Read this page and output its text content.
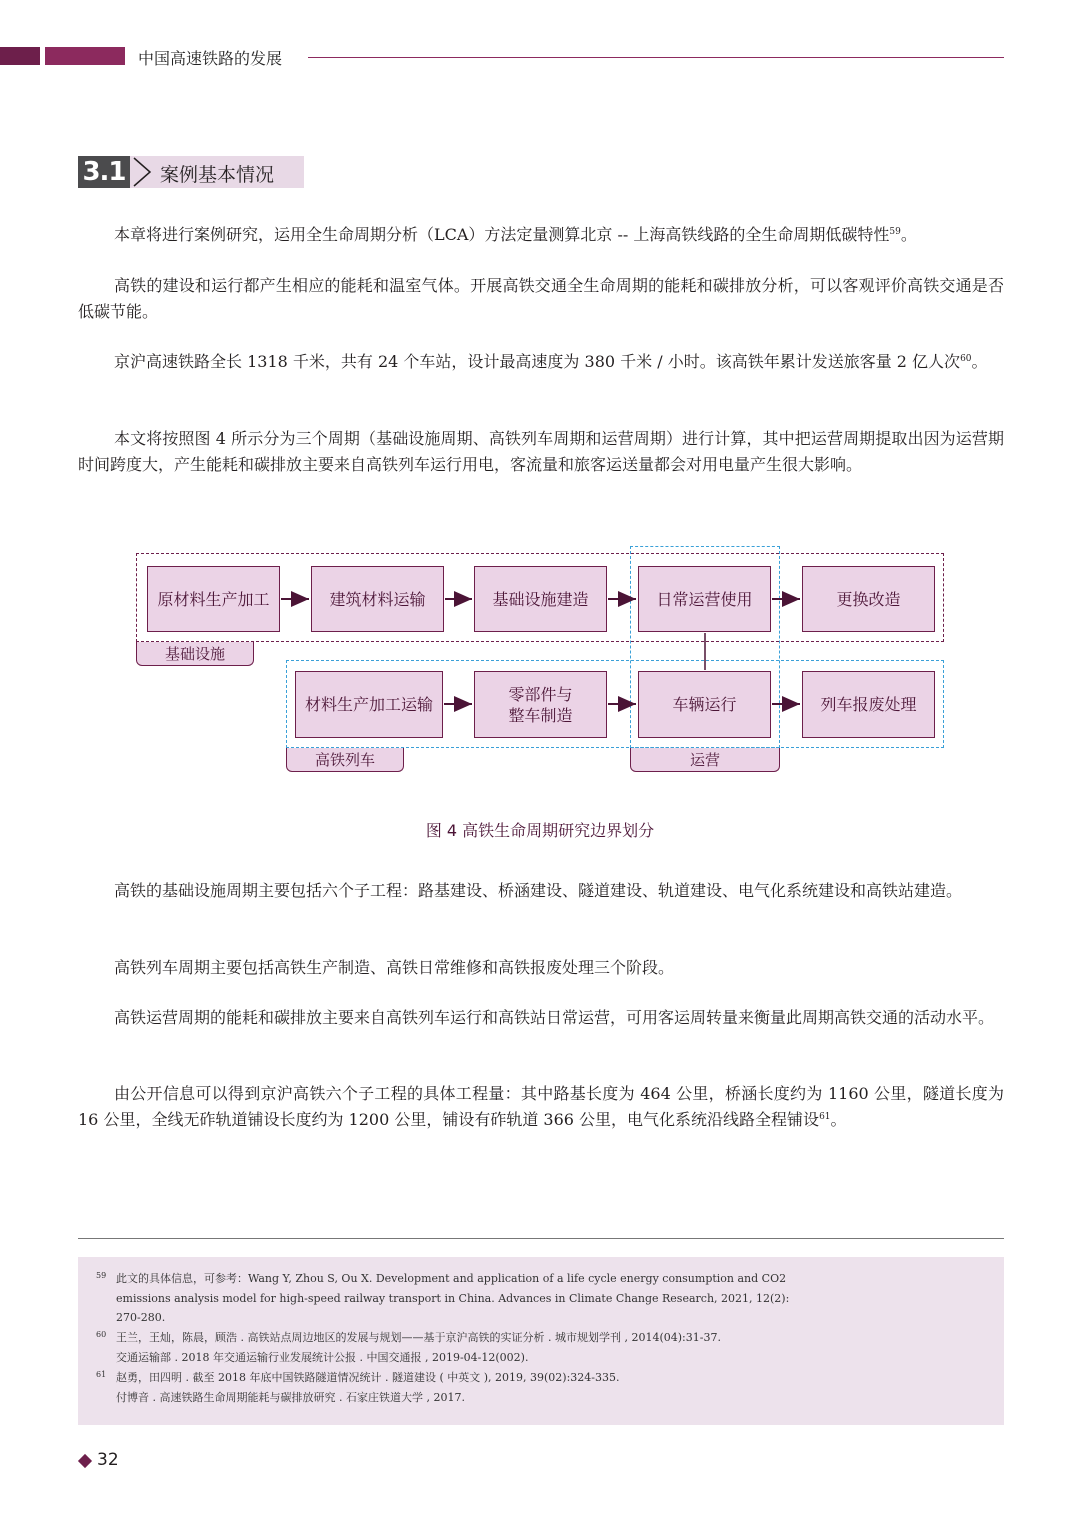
中国高速铁路的发展
3.1 案例基本情况
本章将进行案例研究，运用全生命周期分析（LCA）方法定量测算北京 -- 上海高铁线路的全生命周期低碳特性$^{59}$。
高铁的建设和运行都产生相应的能耗和温室气体。开展高铁交通全生命周期的能耗和碳排放分析，可以客观评价高铁交通是否低碳节能。
京沪高速铁路全长 1318 千米，共有 24 个车站，设计最高速度为 380 千米 / 小时。该高铁年累计发送旅客量 2 亿人次$^{60}$。
本文将按照图 4 所示分为三个周期（基础设施周期、高铁列车周期和运营周期）进行计算，其中把运营周期提取出因为运营期时间跨度大，产生能耗和碳排放主要来自高铁列车运行用电，客流量和旅客运送量都会对用电量产生很大影响。
原材料生产加工	建筑材料运输	基础设施建造	日常运营使用	更换改造
材料生产加工运输
零部件与
整车制造
车辆运行	列车报废处理
基础设施
高铁列车	运营
图 4 高铁生命周期研究边界划分
高铁的基础设施周期主要包括六个子工程：路基建设、桥涵建设、隧道建设、轨道建设、电气化系统建设和高铁站建造。
高铁列车周期主要包括高铁生产制造、高铁日常维修和高铁报废处理三个阶段。
高铁运营周期的能耗和碳排放主要来自高铁列车运行和高铁站日常运营，可用客运周转量来衡量此周期高铁交通的活动水平。
由公开信息可以得到京沪高铁六个子工程的具体工程量：其中路基长度为 464 公里，桥涵长度约为 1160 公里，隧道长度为 16 公里，全线无砟轨道铺设长度约为 1200 公里，铺设有砟轨道 366 公里，电气化系统沿线路全程铺设$^{61}$。
59 此文的具体信息，可参考：Wang Y, Zhou S, Ou X. Development and application of a life cycle energy consumption and CO2
emissions analysis model for high-speed railway transport in China. Advances in Climate Change Research, 2021, 12(2):
270-280.
60 王兰，王灿，陈晨，顾浩 . 高铁站点周边地区的发展与规划——基于京沪高铁的实证分析 . 城市规划学刊 , 2014(04):31-37.
交通运输部 . 2018 年交通运输行业发展统计公报 . 中国交通报 , 2019-04-12(002).
61 赵勇，田四明 . 截至 2018 年底中国铁路隧道情况统计 . 隧道建设 ( 中英文 ), 2019, 39(02):324-335.
付博音 . 高速铁路生命周期能耗与碳排放研究 . 石家庄铁道大学 , 2017.
32
